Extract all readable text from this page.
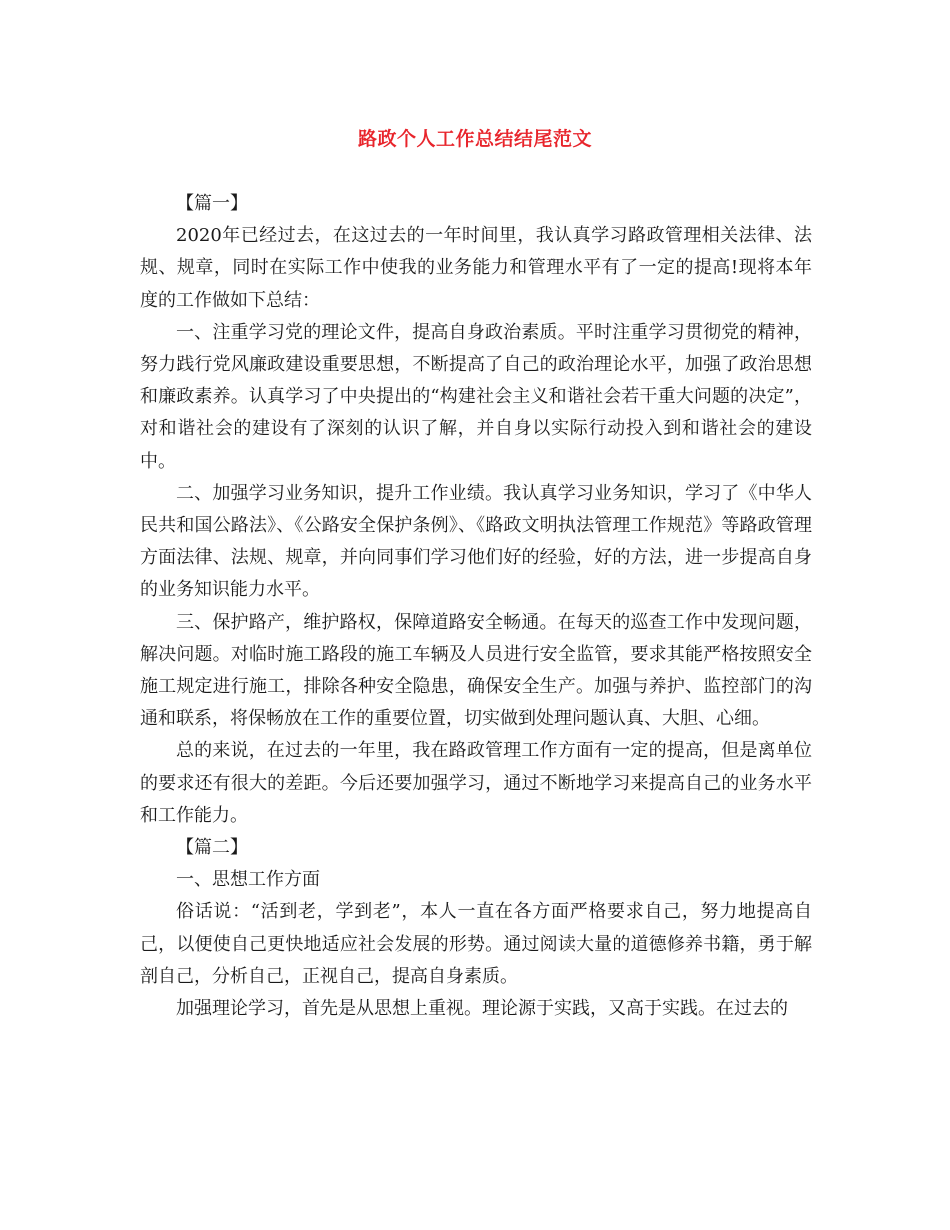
路政个人工作总结结尾范文

【篇一】

2020年已经过去，在这过去的一年时间里，我认真学习路政管理相关法律、法规、规章，同时在实际工作中使我的业务能力和管理水平有了一定的提高!现将本年度的工作做如下总结：

一、注重学习党的理论文件，提高自身政治素质。平时注重学习贯彻党的精神，努力践行党风廉政建设重要思想，不断提高了自己的政治理论水平，加强了政治思想和廉政素养。认真学习了中央提出的“构建社会主义和谐社会若干重大问题的决定”，对和谐社会的建设有了深刻的认识了解，并自身以实际行动投入到和谐社会的建设中。

二、加强学习业务知识，提升工作业绩。我认真学习业务知识，学习了《中华人民共和国公路法》、《公路安全保护条例》、《路政文明执法管理工作规范》等路政管理方面法律、法规、规章，并向同事们学习他们好的经验，好的方法，进一步提高自身的业务知识能力水平。

三、保护路产，维护路权，保障道路安全畅通。在每天的巡查工作中发现问题，解决问题。对临时施工路段的施工车辆及人员进行安全监管，要求其能严格按照安全施工规定进行施工，排除各种安全隐患，确保安全生产。加强与养护、监控部门的沟通和联系，将保畅放在工作的重要位置，切实做到处理问题认真、大胆、心细。

总的来说，在过去的一年里，我在路政管理工作方面有一定的提高，但是离单位的要求还有很大的差距。今后还要加强学习，通过不断地学习来提高自己的业务水平和工作能力。

【篇二】

一、思想工作方面

俗话说：“活到老，学到老”，本人一直在各方面严格要求自己，努力地提高自己，以便使自己更快地适应社会发展的形势。通过阅读大量的道德修养书籍，勇于解剖自己，分析自己，正视自己，提高自身素质。

加强理论学习，首先是从思想上重视。理论源于实践，又高于实践。在过去的
